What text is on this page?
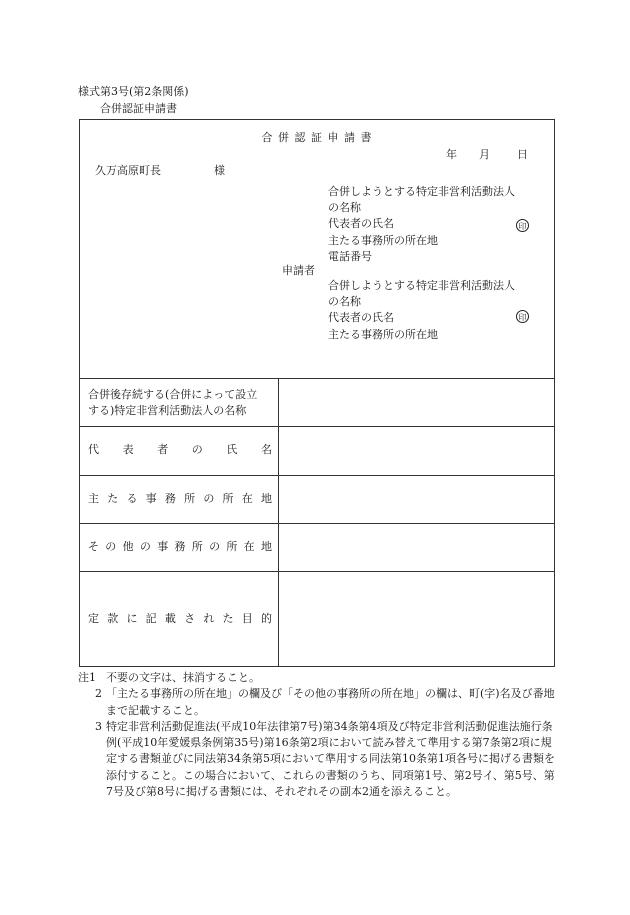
様式第3号(第2条関係)
合併認証申請書
合 併 認 証 申 請 書
年 月 日
久万高原町長	様
申請者
合併しようとする特定非営利活動法人
の名称
代表者の氏名
主たる事務所の所在地
電話番号
印
合併しようとする特定非営利活動法人
の名称
代表者の氏名
主たる事務所の所在地
印
合併後存続する(合併によって設立
する)特定非営利活動法人の名称
代 表 者 の 氏 名
主 た る 事 務 所 の 所 在 地
そ の 他 の 事 務 所 の 所 在 地
定 款 に 記 載 さ れ た 目 的
注1 不要の文字は、抹消すること。
2 「主たる事務所の所在地」の欄及び「その他の事務所の所在地」の欄は、町(字)名及び番地まで記載すること。
3 特定非営利活動促進法(平成10年法律第7号)第34条第4項及び特定非営利活動促進法施行条例(平成10年愛媛県条例第35号)第16条第2項において読み替えて準用する第7条第2項に規定する書類並びに同法第34条第5項において準用する同法第10条第1項各号に掲げる書類を添付すること。この場合において、これらの書類のうち、同項第1号、第2号イ、第5号、第7号及び第8号に掲げる書類には、それぞれその副本2通を添えること。
